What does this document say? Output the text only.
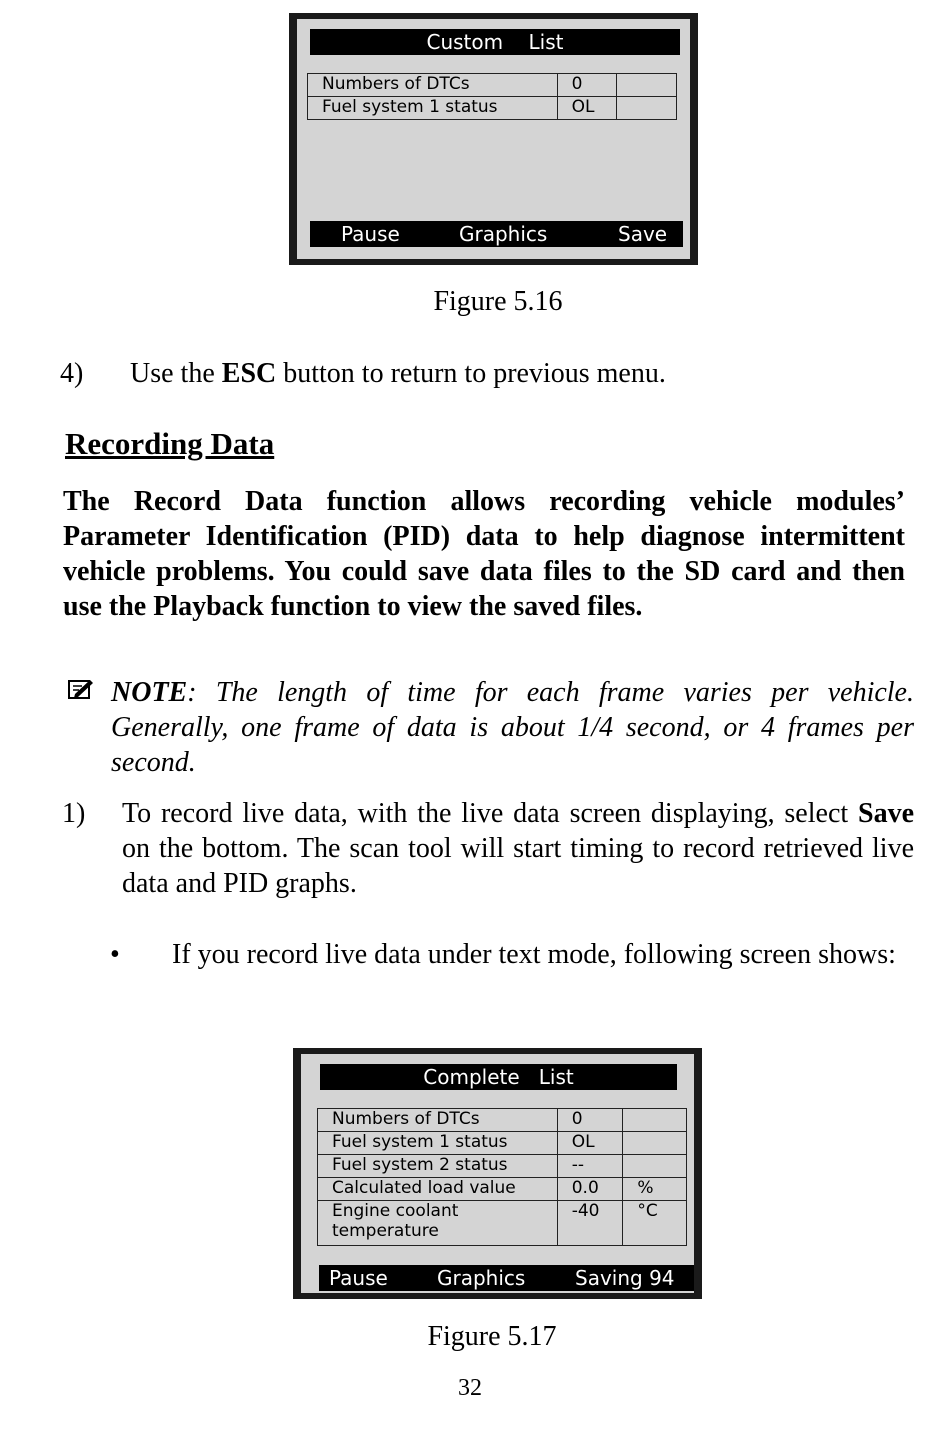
Custom    List
Numbers of DTCs	0	
Fuel system 1 status	OL	
Pause	Graphics	Save
Figure 5.16
4) Use the ESC button to return to previous menu.
Recording Data
The Record Data function allows recording vehicle modules’ Parameter Identification (PID) data to help diagnose intermittent vehicle problems. You could save data files to the SD card and then use the Playback function to view the saved files.
NOTE: The length of time for each frame varies per vehicle. Generally, one frame of data is about 1/4 second, or 4 frames per second.
1) To record live data, with the live data screen displaying, select Save on the bottom. The scan tool will start timing to record retrieved live data and PID graphs.
• If you record live data under text mode, following screen shows:
Complete   List
Numbers of DTCs	0	
Fuel system 1 status	OL	
Fuel system 2 status	--	
Calculated load value	0.0	%
Engine coolant temperature	-40	°C
Pause Graphics Saving 94
Figure 5.17
32
